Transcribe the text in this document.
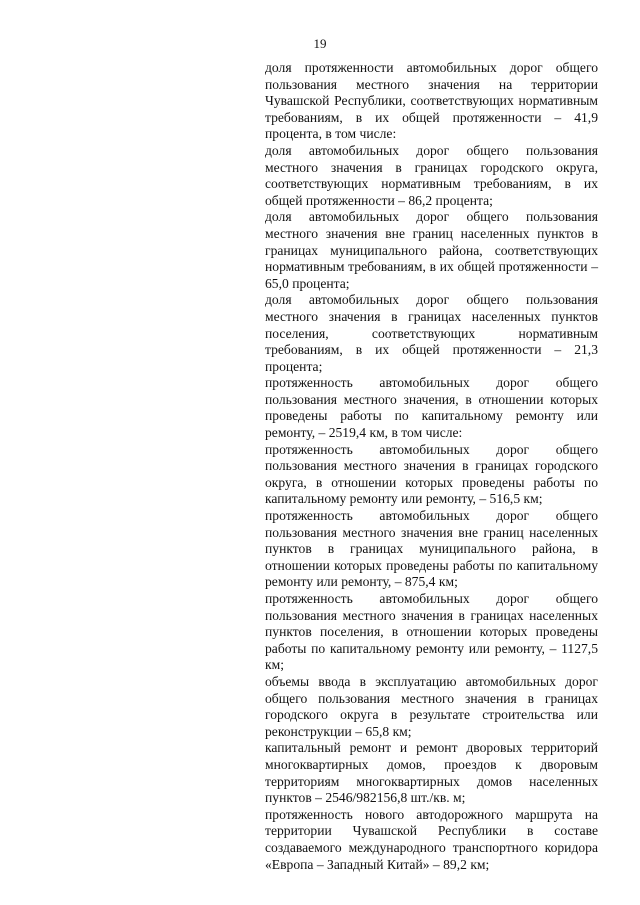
19

доля протяженности автомобильных дорог общего пользования местного значения на территории Чувашской Республики, соответствующих нормативным требованиям, в их общей протяженности – 41,9 процента, в том числе:

доля автомобильных дорог общего пользования местного значения в границах городского округа, соответствующих нормативным требованиям, в их общей протяженности – 86,2 процента;

доля автомобильных дорог общего пользования местного значения вне границ населенных пунктов в границах муниципального района, соответствующих нормативным требованиям, в их общей протяженности – 65,0 процента;

доля автомобильных дорог общего пользования местного значения в границах населенных пунктов поселения, соответствующих нормативным требованиям, в их общей протяженности – 21,3 процента;

протяженность автомобильных дорог общего пользования местного значения, в отношении которых проведены работы по капитальному ремонту или ремонту, – 2519,4 км, в том числе:

протяженность автомобильных дорог общего пользования местного значения в границах городского округа, в отношении которых проведены работы по капитальному ремонту или ремонту, – 516,5 км;

протяженность автомобильных дорог общего пользования местного значения вне границ населенных пунктов в границах муниципального района, в отношении которых проведены работы по капитальному ремонту или ремонту, – 875,4 км;

протяженность автомобильных дорог общего пользования местного значения в границах населенных пунктов поселения, в отношении которых проведены работы по капитальному ремонту или ремонту, – 1127,5 км;

объемы ввода в эксплуатацию автомобильных дорог общего пользования местного значения в границах городского округа в результате строительства или реконструкции – 65,8 км;

капитальный ремонт и ремонт дворовых территорий многоквартирных домов, проездов к дворовым территориям многоквартирных домов населенных пунктов – 2546/982156,8 шт./кв. м;

протяженность нового автодорожного маршрута на территории Чувашской Республики в составе создаваемого международного транспортного коридора «Европа – Западный Китай» – 89,2 км;
